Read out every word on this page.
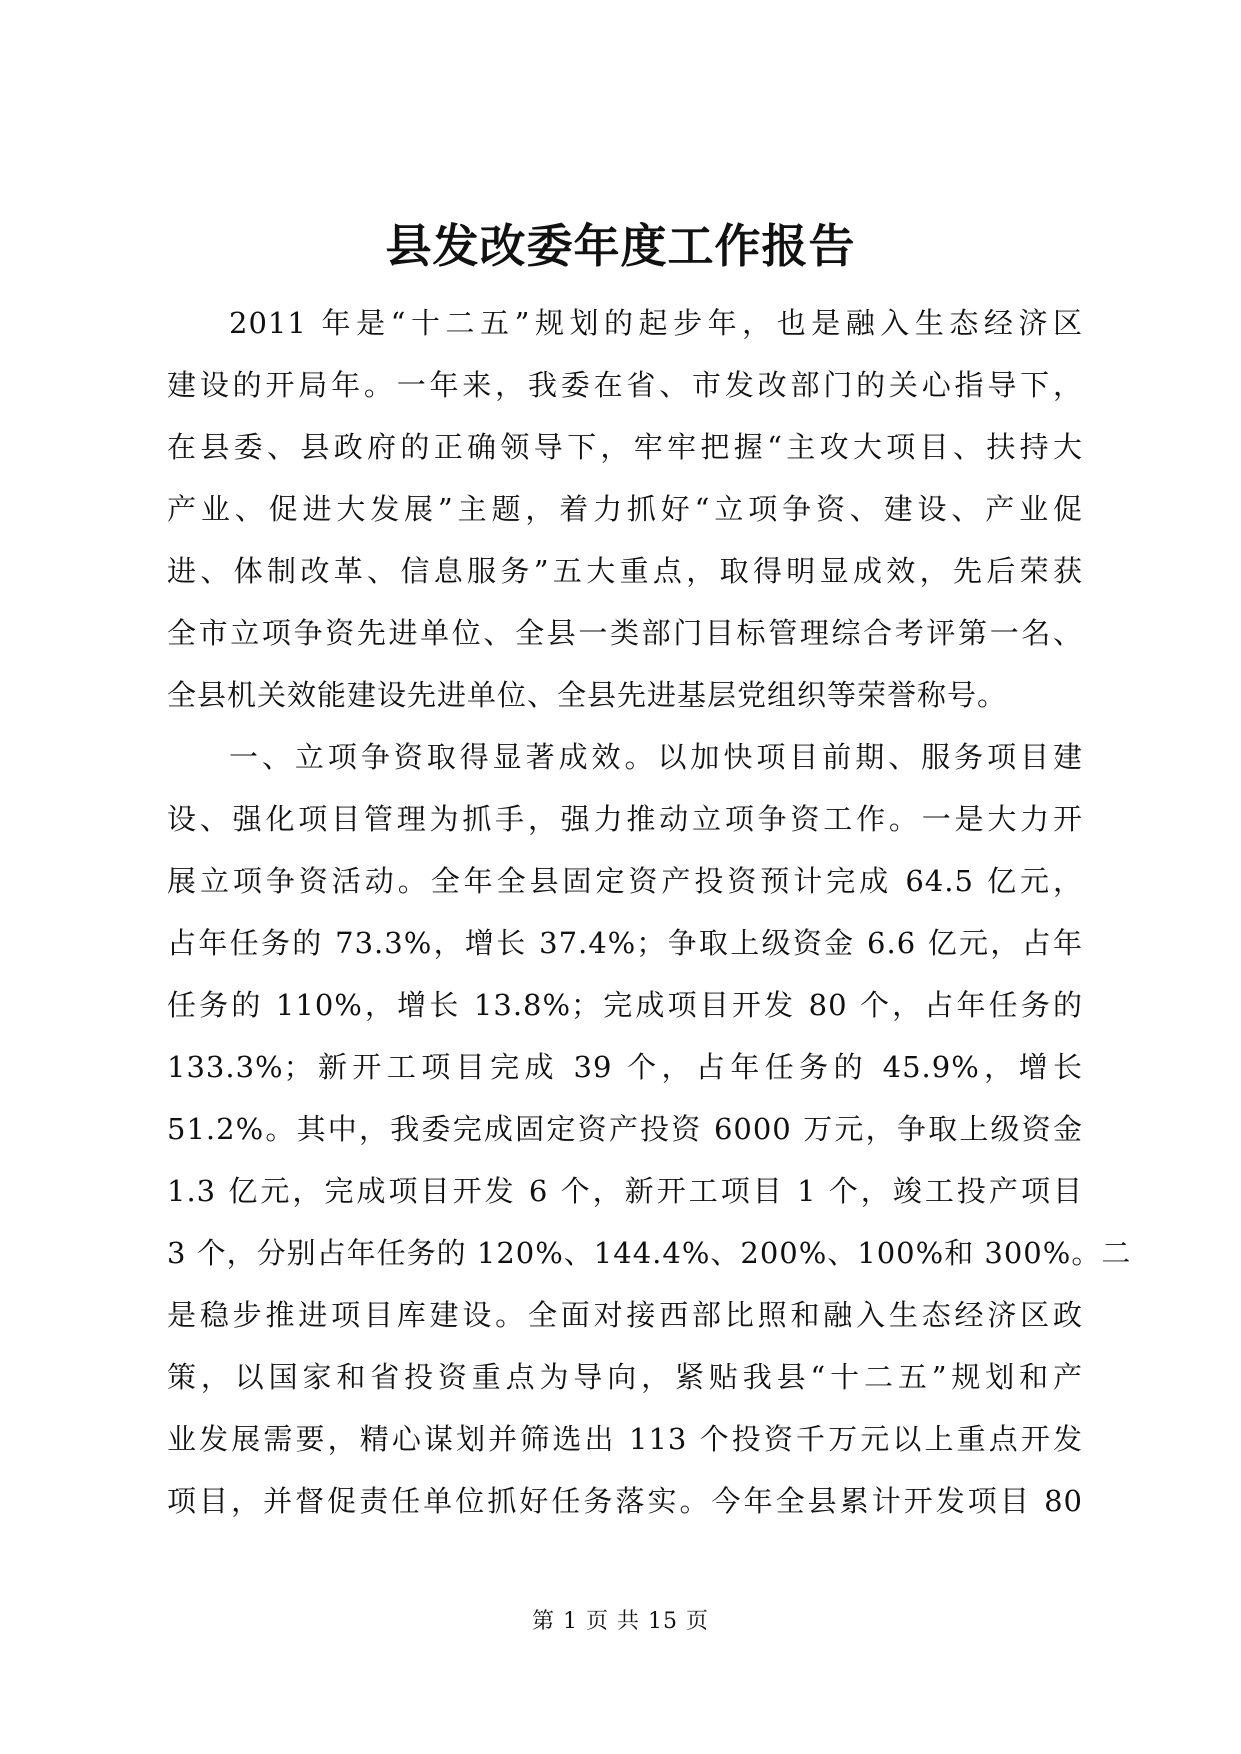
县发改委年度工作报告
2011 年是“十二五”规划的起步年，也是融入生态经济区
建设的开局年。一年来，我委在省、市发改部门的关心指导下，
在县委、县政府的正确领导下，牢牢把握“主攻大项目、扶持大
产业、促进大发展”主题，着力抓好“立项争资、建设、产业促
进、体制改革、信息服务”五大重点，取得明显成效，先后荣获
全市立项争资先进单位、全县一类部门目标管理综合考评第一名、
全县机关效能建设先进单位、全县先进基层党组织等荣誉称号。
一、立项争资取得显著成效。以加快项目前期、服务项目建
设、强化项目管理为抓手，强力推动立项争资工作。一是大力开
展立项争资活动。全年全县固定资产投资预计完成 64.5 亿元，
占年任务的 73.3%，增长 37.4%；争取上级资金 6.6 亿元，占年
任务的 110%，增长 13.8%；完成项目开发 80 个，占年任务的
133.3%；新开工项目完成 39 个，占年任务的 45.9%，增长
51.2%。其中，我委完成固定资产投资 6000 万元，争取上级资金
1.3 亿元，完成项目开发 6 个，新开工项目 1 个，竣工投产项目
3 个，分别占年任务的 120%、144.4%、200%、100%和 300%。二
是稳步推进项目库建设。全面对接西部比照和融入生态经济区政
策，以国家和省投资重点为导向，紧贴我县“十二五”规划和产
业发展需要，精心谋划并筛选出 113 个投资千万元以上重点开发
项目，并督促责任单位抓好任务落实。今年全县累计开发项目 80
第 1 页 共 15 页
